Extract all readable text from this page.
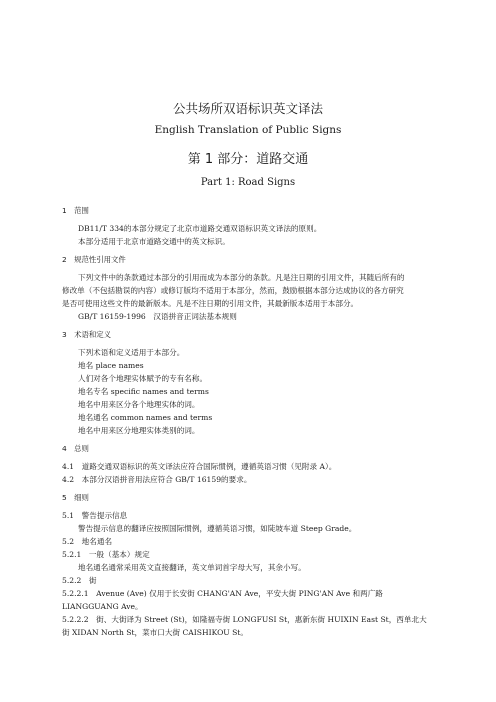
公共场所双语标识英文译法
English Translation of Public Signs
第 1 部分：道路交通
Part 1: Road Signs
1　范围
DB11/T 334的本部分规定了北京市道路交通双语标识英文译法的原则。
本部分适用于北京市道路交通中的英文标识。
2　规范性引用文件
下列文件中的条款通过本部分的引用而成为本部分的条款。凡是注日期的引用文件，其随后所有的
修改单（不包括勘误的内容）或修订版均不适用于本部分，然而，鼓励根据本部分达成协议的各方研究
是否可使用这些文件的最新版本。凡是不注日期的引用文件，其最新版本适用于本部分。
GB/T 16159-1996　汉语拼音正词法基本规则
3　术语和定义
下列术语和定义适用于本部分。
地名 place names
人们对各个地理实体赋予的专有名称。
地名专名 specific names and terms
地名中用来区分各个地理实体的词。
地名通名 common names and terms
地名中用来区分地理实体类别的词。
4　总则
4.1　道路交通双语标识的英文译法应符合国际惯例，遵循英语习惯（见附录 A）。
4.2　本部分汉语拼音用法应符合 GB/T 16159的要求。
5　细则
5.1　警告提示信息
警告提示信息的翻译应按照国际惯例，遵循英语习惯，如陡坡车道 Steep Grade。
5.2　地名通名
5.2.1　一般（基本）规定
地名通名通常采用英文直接翻译，英文单词首字母大写，其余小写。
5.2.2　街
5.2.2.1　Avenue (Ave) 仅用于长安街 CHANG'AN Ave，平安大街 PING'AN Ave 和两广路
LIANGGUANG Ave。
5.2.2.2　街、大街译为 Street (St)，如隆福寺街 LONGFUSI St，惠新东街 HUIXIN East St，西单北大
街 XIDAN North St，菜市口大街 CAISHIKOU St。
